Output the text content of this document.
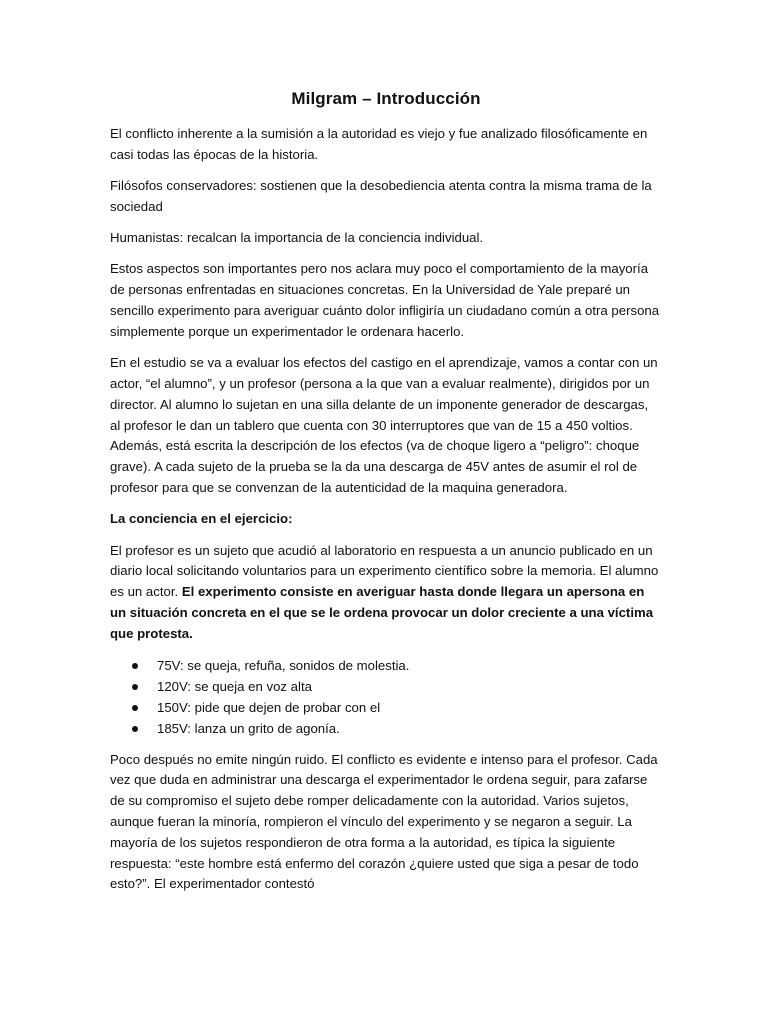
Milgram – Introducción

El conflicto inherente a la sumisión a la autoridad es viejo y fue analizado filosóficamente en casi todas las épocas de la historia.

Filósofos conservadores: sostienen que la desobediencia atenta contra la misma trama de la sociedad

Humanistas: recalcan la importancia de la conciencia individual.

Estos aspectos son importantes pero nos aclara muy poco el comportamiento de la mayoría de personas enfrentadas en situaciones concretas. En la Universidad de Yale preparé un sencillo experimento para averiguar cuánto dolor infligiría un ciudadano común a otra persona simplemente porque un experimentador le ordenara hacerlo.

En el estudio se va a evaluar los efectos del castigo en el aprendizaje, vamos a contar con un actor, “el alumno”, y un profesor (persona a la que van a evaluar realmente), dirigidos por un director. Al alumno lo sujetan en una silla delante de un imponente generador de descargas, al profesor le dan un tablero que cuenta con 30 interruptores que van de 15 a 450 voltios. Además, está escrita la descripción de los efectos (va de choque ligero a “peligro”: choque grave). A cada sujeto de la prueba se la da una descarga de 45V antes de asumir el rol de profesor para que se convenzan de la autenticidad de la maquina generadora.

La conciencia en el ejercicio:

El profesor es un sujeto que acudió al laboratorio en respuesta a un anuncio publicado en un diario local solicitando voluntarios para un experimento científico sobre la memoria. El alumno es un actor. El experimento consiste en averiguar hasta donde llegara un apersona en un situación concreta en el que se le ordena provocar un dolor creciente a una víctima que protesta.

75V: se queja, refuña, sonidos de molestia.
120V: se queja en voz alta
150V: pide que dejen de probar con el
185V: lanza un grito de agonía.

Poco después no emite ningún ruido. El conflicto es evidente e intenso para el profesor. Cada vez que duda en administrar una descarga el experimentador le ordena seguir, para zafarse de su compromiso el sujeto debe romper delicadamente con la autoridad. Varios sujetos, aunque fueran la minoría, rompieron el vínculo del experimento y se negaron a seguir. La mayoría de los sujetos respondieron de otra forma a la autoridad, es típica la siguiente respuesta: “este hombre está enfermo del corazón ¿quiere usted que siga a pesar de todo esto?”. El experimentador contestó
